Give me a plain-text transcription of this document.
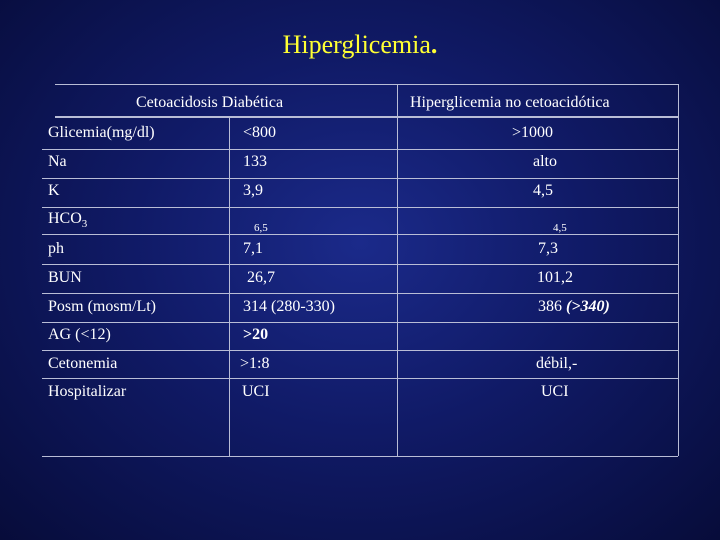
Hiperglicemia.
Cetoacidosis Diabética	Hiperglicemia no cetoacidótica
Glicemia(mg/dl)	<800	>1000
Na	133	alto
K	3,9	4,5
$HCO_3$	6,5	4,5
ph	7,1	7,3
BUN	26,7	101,2
Posm (mosm/Lt)	314 (280-330)	386 (>340)
AG (<12)	>20
Cetonemia	>1:8	débil,-
Hospitalizar	UCI	UCI
